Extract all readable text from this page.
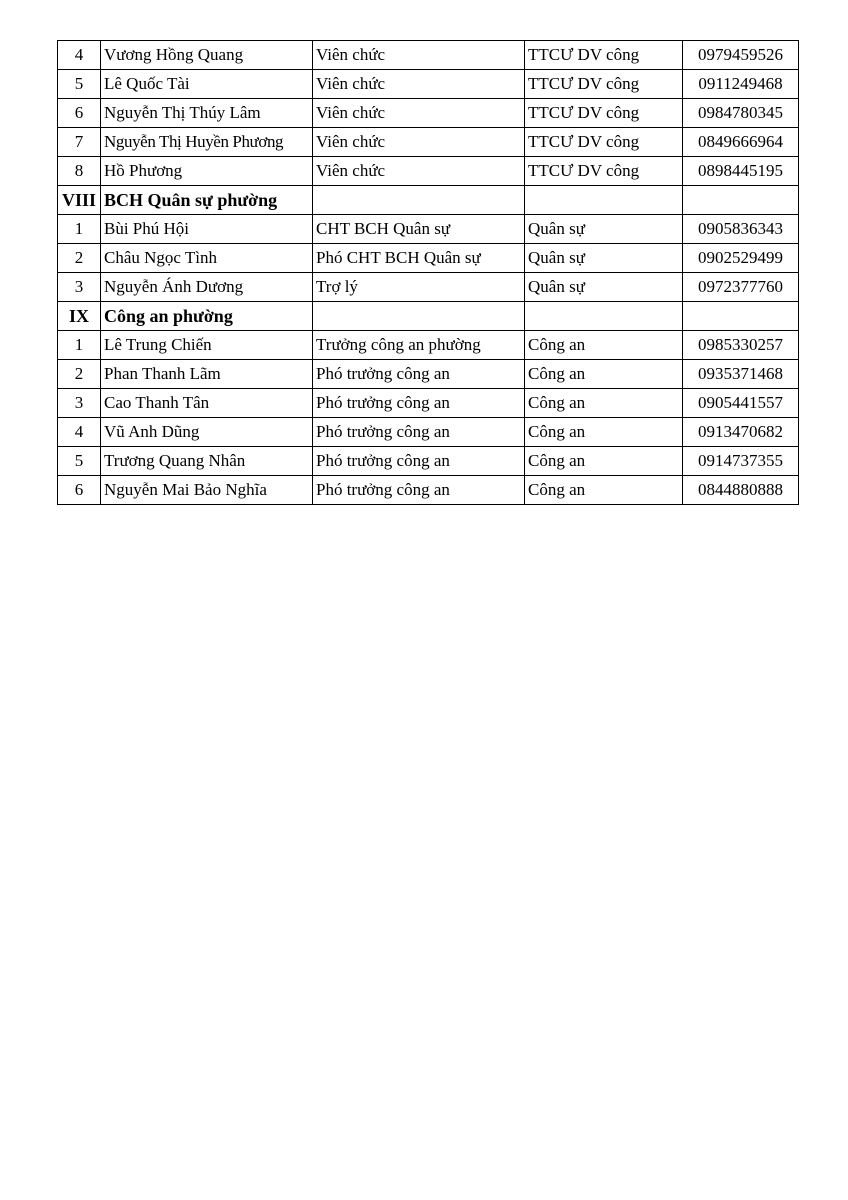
4	Vương Hồng Quang	Viên chức	TTCƯ DV công	0979459526
5	Lê Quốc Tài	Viên chức	TTCƯ DV công	0911249468
6	Nguyễn Thị Thúy Lâm	Viên chức	TTCƯ DV công	0984780345
7	Nguyễn Thị Huyền Phương	Viên chức	TTCƯ DV công	0849666964
8	Hồ Phương	Viên chức	TTCƯ DV công	0898445195
VIII	BCH Quân sự phường			
1	Bùi Phú Hội	CHT BCH Quân sự	Quân sự	0905836343
2	Châu Ngọc Tình	Phó CHT BCH Quân sự	Quân sự	0902529499
3	Nguyễn Ánh Dương	Trợ lý	Quân sự	0972377760
IX	Công an phường			
1	Lê Trung Chiến	Trưởng công an phường	Công an	0985330257
2	Phan Thanh Lãm	Phó trưởng công an	Công an	0935371468
3	Cao Thanh Tân	Phó trưởng công an	Công an	0905441557
4	Vũ Anh Dũng	Phó trưởng công an	Công an	0913470682
5	Trương Quang Nhân	Phó trưởng công an	Công an	0914737355
6	Nguyễn Mai Bảo Nghĩa	Phó trưởng công an	Công an	0844880888
